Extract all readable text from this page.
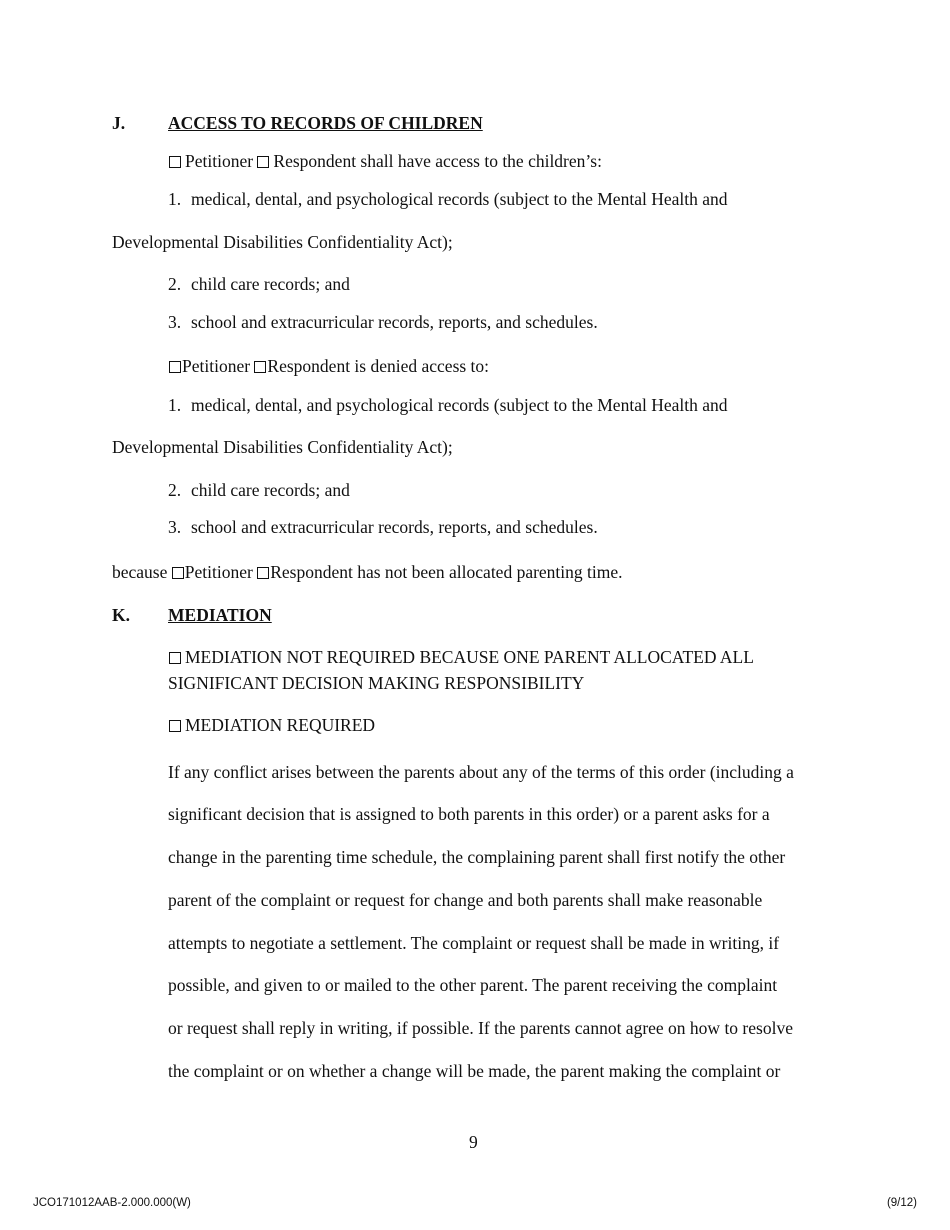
J. ACCESS TO RECORDS OF CHILDREN
Petitioner Respondent shall have access to the children’s:
1. medical, dental, and psychological records (subject to the Mental Health and
Developmental Disabilities Confidentiality Act);
2. child care records; and
3. school and extracurricular records, reports, and schedules.
Petitioner Respondent is denied access to:
1. medical, dental, and psychological records (subject to the Mental Health and
Developmental Disabilities Confidentiality Act);
2. child care records; and
3. school and extracurricular records, reports, and schedules.
because Petitioner Respondent has not been allocated parenting time.
K. MEDIATION
MEDIATION NOT REQUIRED BECAUSE ONE PARENT ALLOCATED ALL
SIGNIFICANT DECISION MAKING RESPONSIBILITY
MEDIATION REQUIRED

If any conflict arises between the parents about any of the terms of this order (including a

significant decision that is assigned to both parents in this order) or a parent asks for a

change in the parenting time schedule, the complaining parent shall first notify the other

parent of the complaint or request for change and both parents shall make reasonable

attempts to negotiate a settlement. The complaint or request shall be made in writing, if

possible, and given to or mailed to the other parent. The parent receiving the complaint

or request shall reply in writing, if possible. If the parents cannot agree on how to resolve

the complaint or on whether a change will be made, the parent making the complaint or

9
JCO171012AAB-2.000.000(W)	(9/12)
